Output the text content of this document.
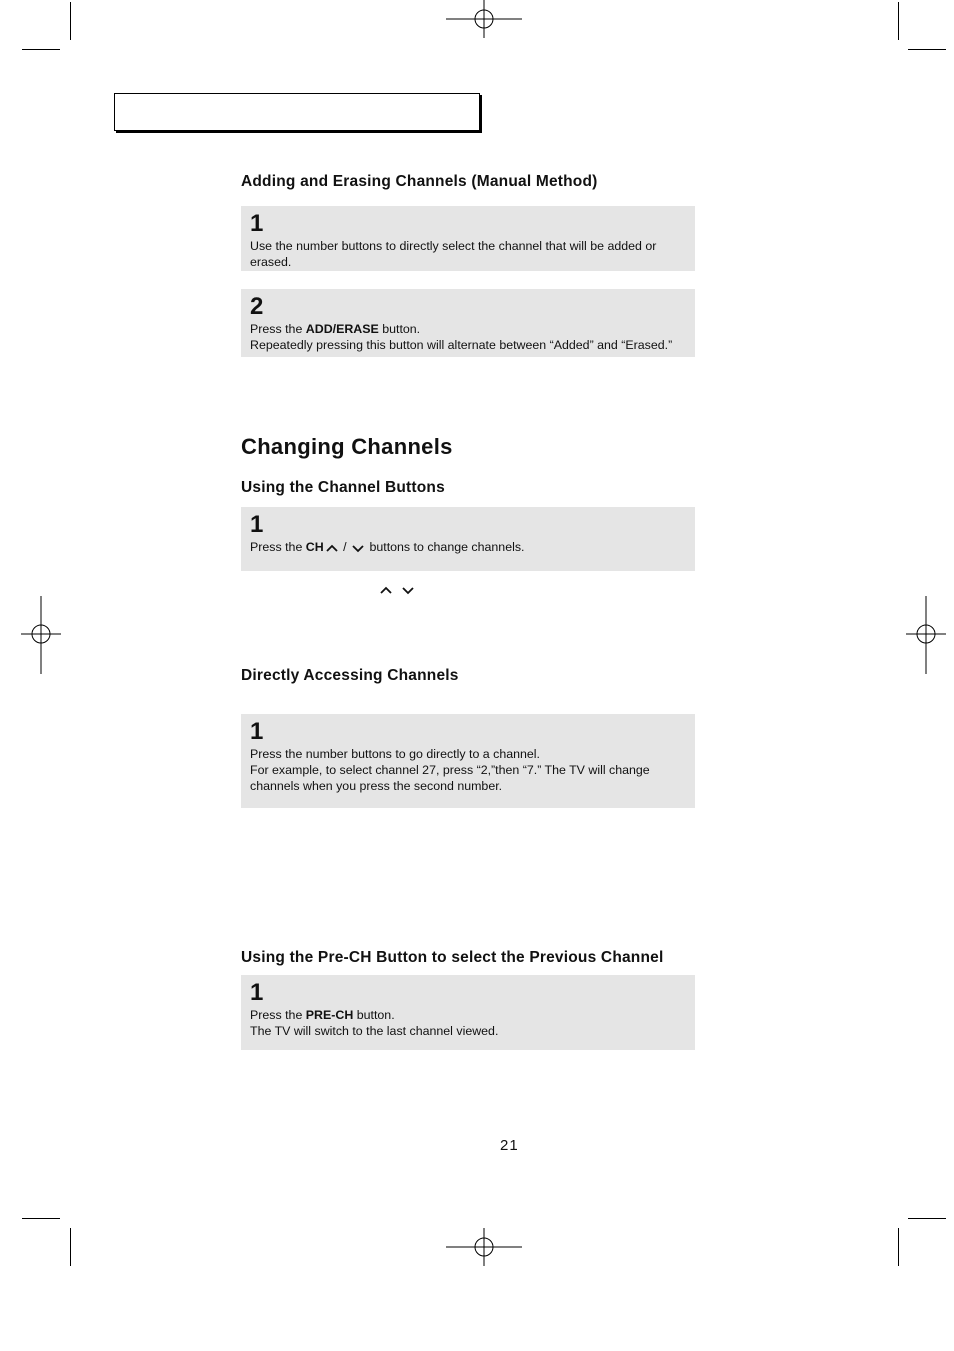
Adding and Erasing Channels (Manual Method)
1
Use the number buttons to directly select the channel that will be added or
erased.
2
Press the ADD/ERASE button.
Repeatedly pressing this button will alternate between “Added” and “Erased.”
Changing Channels
Using the Channel Buttons
1
Press the CH /  buttons to change channels.
Directly Accessing Channels
1
Press the number buttons to go directly to a channel.
For example, to select channel 27, press “2,”then “7.” The TV will change
channels when you press the second number.
Using the Pre-CH Button to select the Previous Channel
1
Press the PRE-CH button.
The TV will switch to the last channel viewed.
21
